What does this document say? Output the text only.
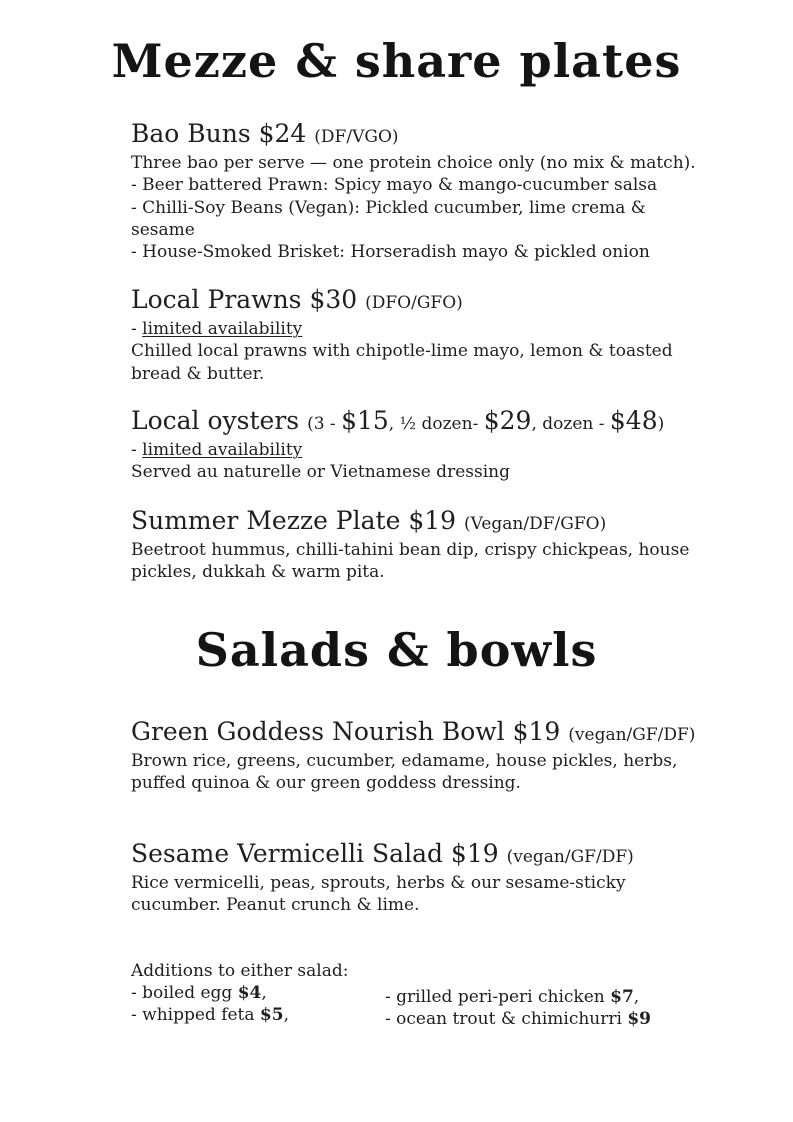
Mezze & share plates
Bao Buns $24 (DF/VGO)
Three bao per serve — one protein choice only (no mix & match).
- Beer battered Prawn: Spicy mayo & mango-cucumber salsa
- Chilli-Soy Beans (Vegan): Pickled cucumber, lime crema &
sesame
- House-Smoked Brisket: Horseradish mayo & pickled onion
Local Prawns $30 (DFO/GFO)
- limited availability
Chilled local prawns with chipotle-lime mayo, lemon & toasted
bread & butter.
Local oysters (3 - $15, ½ dozen- $29, dozen - $48)
- limited availability
Served au naturelle or Vietnamese dressing
Summer Mezze Plate $19 (Vegan/DF/GFO)
Beetroot hummus, chilli-tahini bean dip, crispy chickpeas, house
pickles, dukkah & warm pita.
Salads & bowls
Green Goddess Nourish Bowl $19 (vegan/GF/DF)
Brown rice, greens, cucumber, edamame, house pickles, herbs,
puffed quinoa & our green goddess dressing.
Sesame Vermicelli Salad $19 (vegan/GF/DF)
Rice vermicelli, peas, sprouts, herbs & our sesame-sticky
cucumber. Peanut crunch & lime.
Additions to either salad:
- boiled egg $4,
- whipped feta $5,
- grilled peri-peri chicken $7,
- ocean trout & chimichurri $9
